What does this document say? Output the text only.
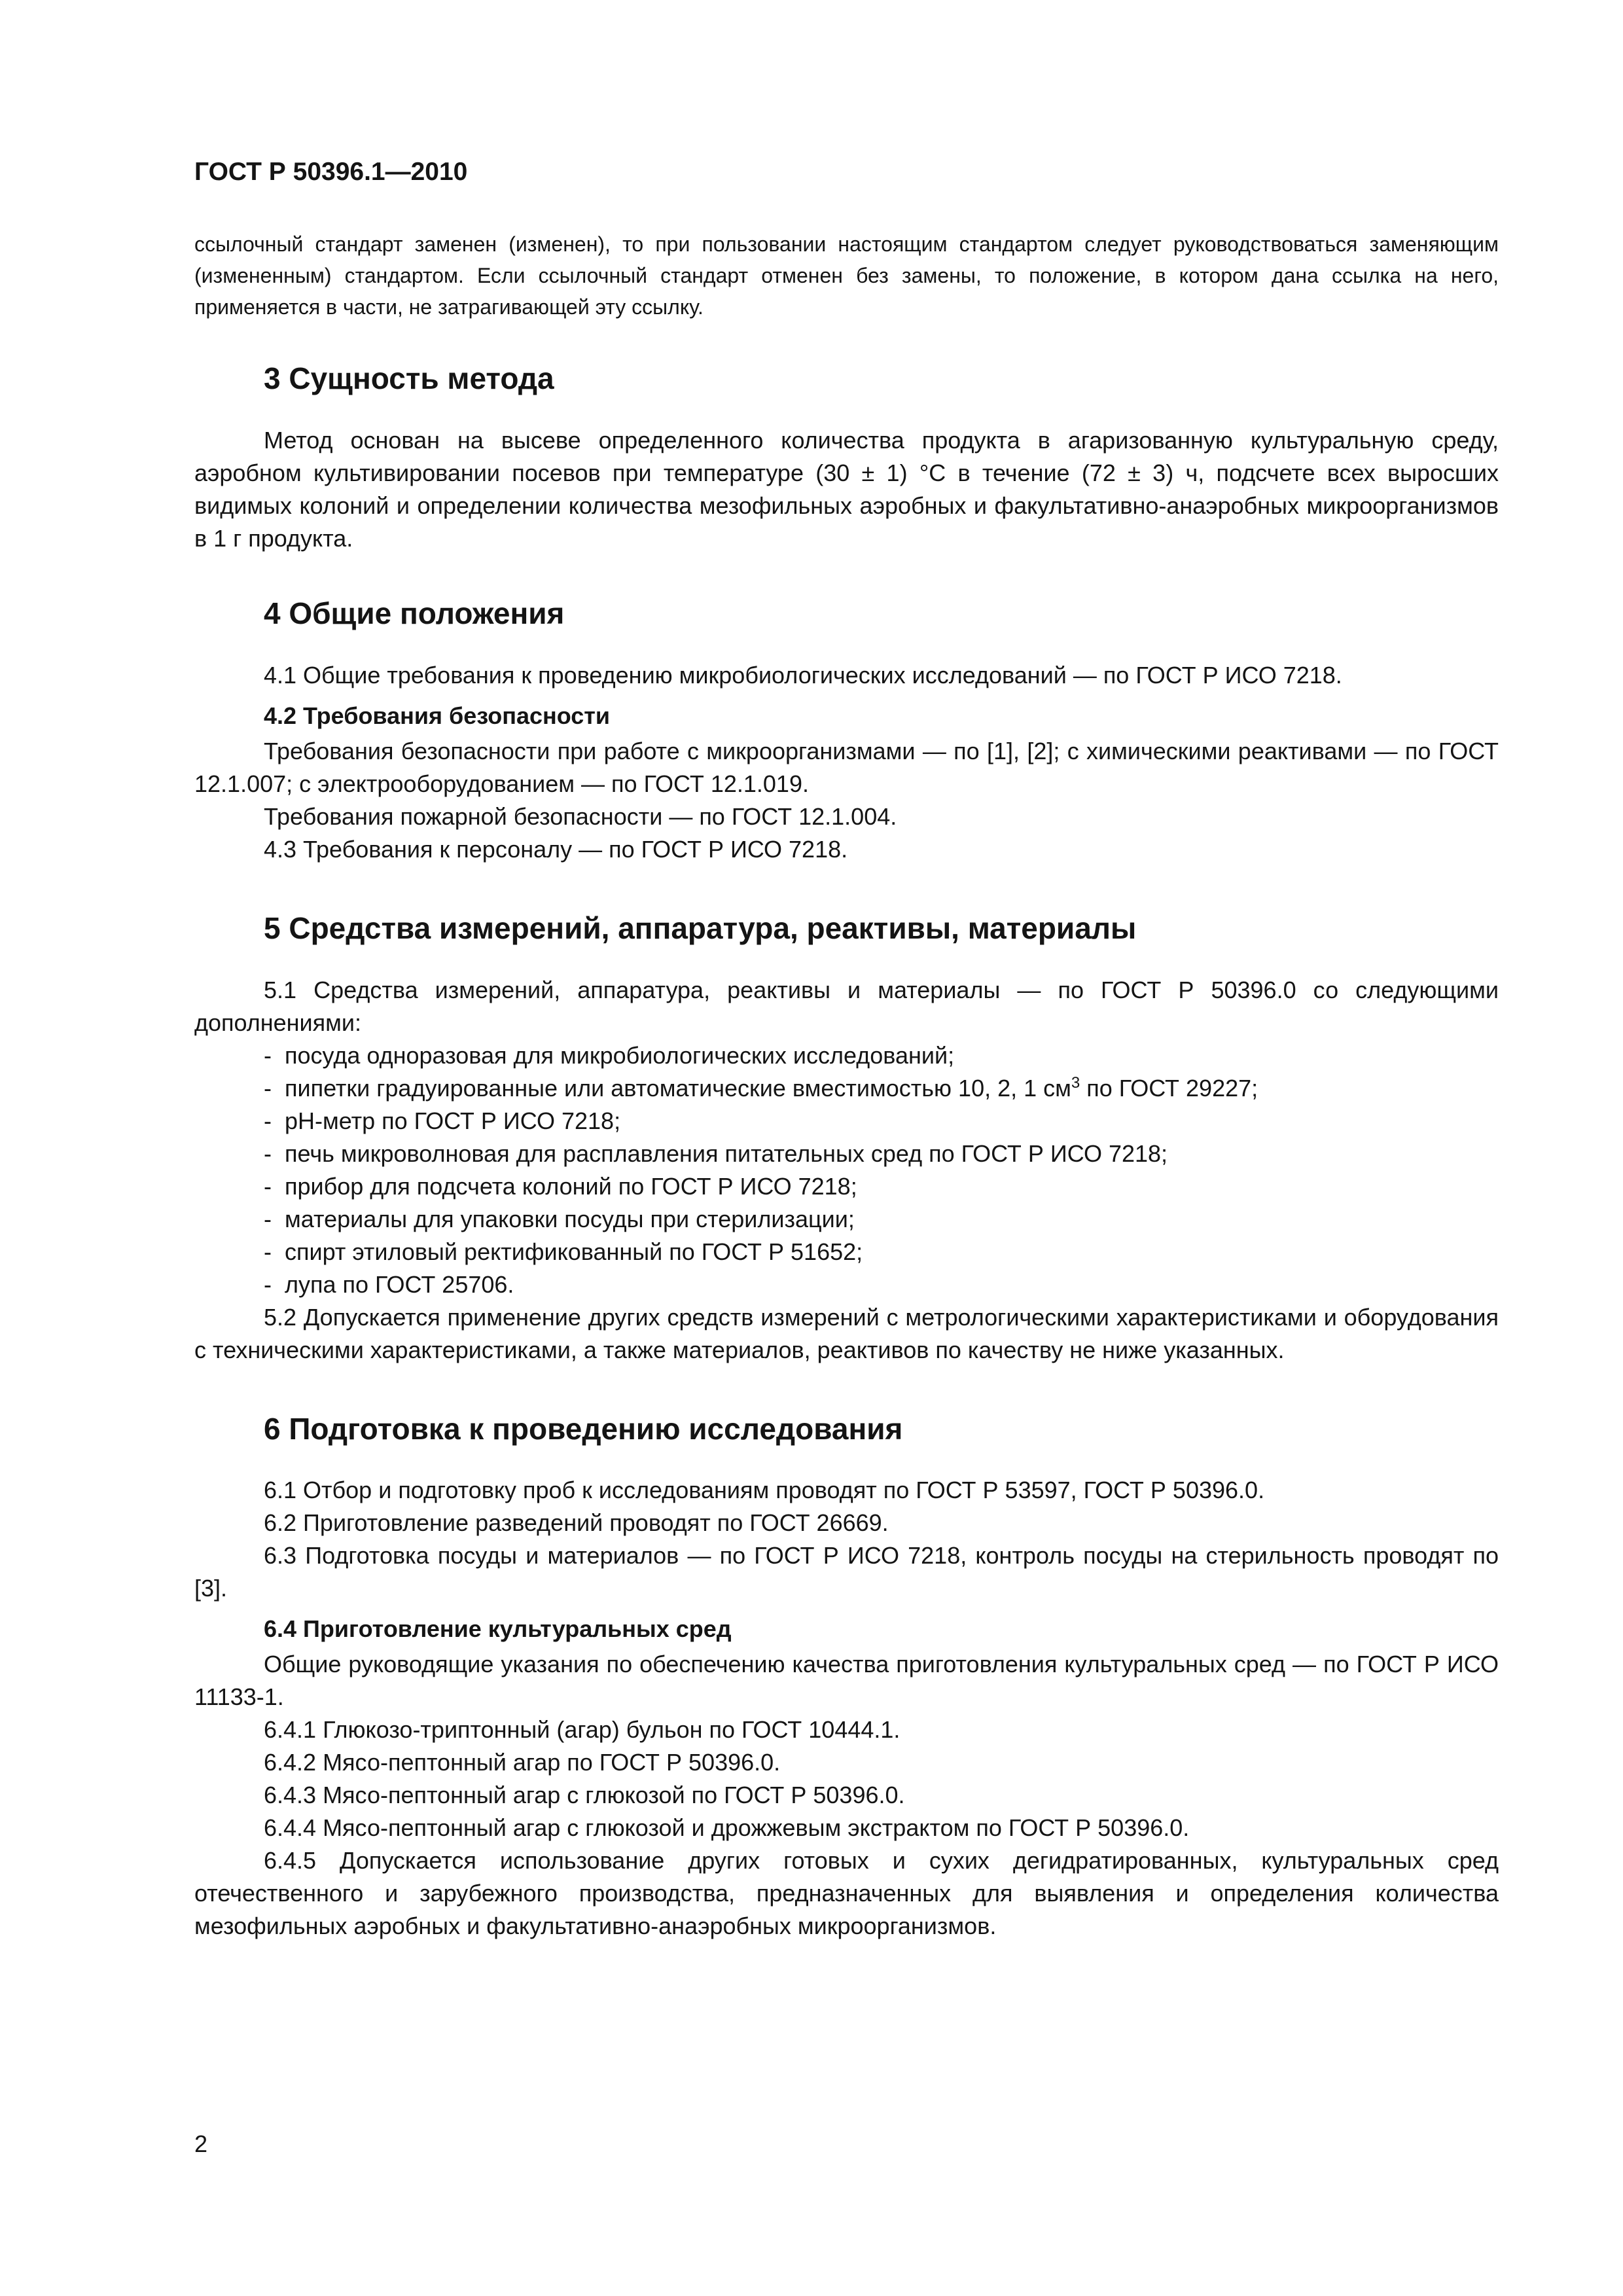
ГОСТ Р 50396.1—2010

ссылочный стандарт заменен (изменен), то при пользовании настоящим стандартом следует руководствоваться заменяющим (измененным) стандартом. Если ссылочный стандарт отменен без замены, то положение, в котором дана ссылка на него, применяется в части, не затрагивающей эту ссылку.

3 Сущность метода

Метод основан на высеве определенного количества продукта в агаризованную культуральную среду, аэробном культивировании посевов при температуре (30 ± 1) °С в течение (72 ± 3) ч, подсчете всех выросших видимых колоний и определении количества мезофильных аэробных и факультативно-анаэробных микроорганизмов в 1 г продукта.

4 Общие положения

4.1 Общие требования к проведению микробиологических исследований — по ГОСТ Р ИСО 7218.

4.2 Требования безопасности

Требования безопасности при работе с микроорганизмами — по [1], [2]; с химическими реактивами — по ГОСТ 12.1.007; с электрооборудованием — по ГОСТ 12.1.019.

Требования пожарной безопасности — по ГОСТ 12.1.004.

4.3 Требования к персоналу — по ГОСТ Р ИСО 7218.

5 Средства измерений, аппаратура, реактивы, материалы

5.1 Средства измерений, аппаратура, реактивы и материалы — по ГОСТ Р 50396.0 со следующими дополнениями:

- посуда одноразовая для микробиологических исследований;

- пипетки градуированные или автоматические вместимостью 10, 2, 1 $см^3$ по ГОСТ 29227;

- pH-метр по ГОСТ Р ИСО 7218;

- печь микроволновая для расплавления питательных сред по ГОСТ Р ИСО 7218;

- прибор для подсчета колоний по ГОСТ Р ИСО 7218;

- материалы для упаковки посуды при стерилизации;

- спирт этиловый ректификованный по ГОСТ Р 51652;

- лупа по ГОСТ 25706.

5.2 Допускается применение других средств измерений с метрологическими характеристиками и оборудования с техническими характеристиками, а также материалов, реактивов по качеству не ниже указанных.

6 Подготовка к проведению исследования

6.1 Отбор и подготовку проб к исследованиям проводят по ГОСТ Р 53597, ГОСТ Р 50396.0.

6.2 Приготовление разведений проводят по ГОСТ 26669.

6.3 Подготовка посуды и материалов — по ГОСТ Р ИСО 7218, контроль посуды на стерильность проводят по [3].

6.4 Приготовление культуральных сред

Общие руководящие указания по обеспечению качества приготовления культуральных сред — по ГОСТ Р ИСО 11133-1.

6.4.1 Глюкозо-триптонный (агар) бульон по ГОСТ 10444.1.

6.4.2 Мясо-пептонный агар по ГОСТ Р 50396.0.

6.4.3 Мясо-пептонный агар с глюкозой по ГОСТ Р 50396.0.

6.4.4 Мясо-пептонный агар с глюкозой и дрожжевым экстрактом по ГОСТ Р 50396.0.

6.4.5 Допускается использование других готовых и сухих дегидратированных, культуральных сред отечественного и зарубежного производства, предназначенных для выявления и определения количества мезофильных аэробных и факультативно-анаэробных микроорганизмов.

2
